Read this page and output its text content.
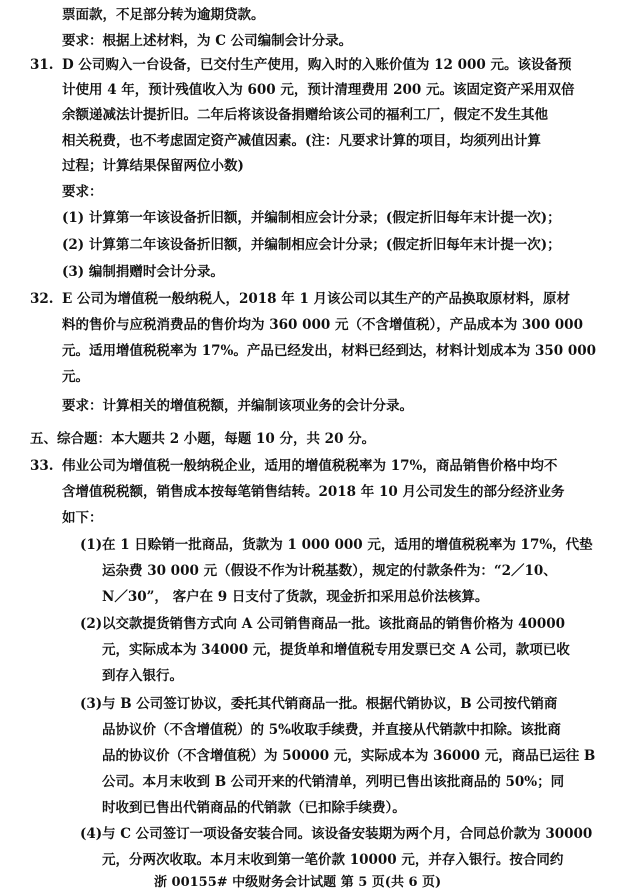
票面款，不足部分转为逾期贷款。
要求：根据上述材料，为 C 公司编制会计分录。
31. D 公司购入一台设备，已交付生产使用，购入时的入账价值为 12 000 元。该设备预
计使用 4 年，预计残值收入为 600 元，预计清理费用 200 元。该固定资产采用双倍
余额递减法计提折旧。二年后将该设备捐赠给该公司的福利工厂，假定不发生其他
相关税费，也不考虑固定资产减值因素。(注：凡要求计算的项目，均须列出计算
过程；计算结果保留两位小数)
要求：
(1) 计算第一年该设备折旧额，并编制相应会计分录；(假定折旧每年末计提一次)；
(2) 计算第二年该设备折旧额，并编制相应会计分录；(假定折旧每年末计提一次)；
(3) 编制捐赠时会计分录。
32. E 公司为增值税一般纳税人，2018 年 1 月该公司以其生产的产品换取原材料，原材
料的售价与应税消费品的售价均为 360 000 元（不含增值税），产品成本为 300 000
元。适用增值税税率为 17%。产品已经发出，材料已经到达，材料计划成本为 350 000
元。
要求：计算相关的增值税额，并编制该项业务的会计分录。
五、综合题：本大题共 2 小题，每题 10 分，共 20 分。
33. 伟业公司为增值税一般纳税企业，适用的增值税税率为 17%，商品销售价格中均不
含增值税税额，销售成本按每笔销售结转。2018 年 10 月公司发生的部分经济业务
如下：
(1) 在 1 日赊销一批商品，货款为 1 000 000 元，适用的增值税税率为 17%，代垫
运杂费 30 000 元（假设不作为计税基数），规定的付款条件为：“2／10、
N／30”， 客户在 9 日支付了货款，现金折扣采用总价法核算。
(2) 以交款提货销售方式向 A 公司销售商品一批。该批商品的销售价格为 40000
元，实际成本为 34000 元，提货单和增值税专用发票已交 A 公司，款项已收
到存入银行。
(3) 与 B 公司签订协议，委托其代销商品一批。根据代销协议，B 公司按代销商
品协议价（不含增值税）的 5%收取手续费，并直接从代销款中扣除。该批商
品的协议价（不含增值税）为 50000 元，实际成本为 36000 元，商品已运往 B
公司。本月末收到 B 公司开来的代销清单，列明已售出该批商品的 50%；同
时收到已售出代销商品的代销款（已扣除手续费）。
(4) 与 C 公司签订一项设备安装合同。该设备安装期为两个月，合同总价款为 30000
元，分两次收取。本月末收到第一笔价款 10000 元，并存入银行。按合同约
浙 00155# 中级财务会计试题 第 5 页(共 6 页)
